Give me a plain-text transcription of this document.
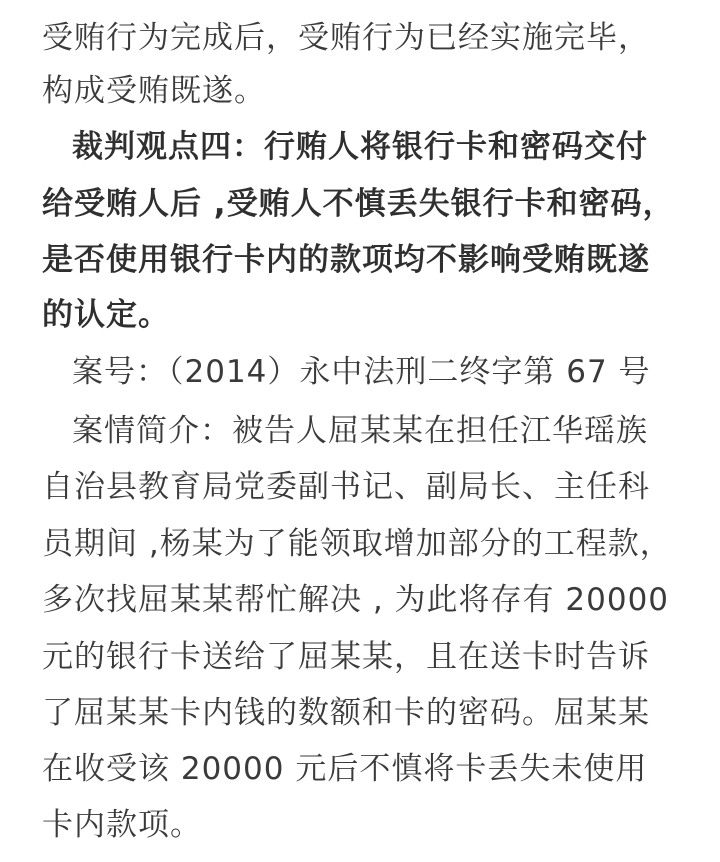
受贿行为完成后，受贿行为已经实施完毕，
构成受贿既遂。
裁判观点四：行贿人将银行卡和密码交付
给受贿人后 ,受贿人不慎丢失银行卡和密码，
是否使用银行卡内的款项均不影响受贿既遂
的认定。
案号：（2014）永中法刑二终字第 67 号
案情简介：被告人屈某某在担任江华瑶族
自治县教育局党委副书记、副局长、主任科
员期间 ,杨某为了能领取增加部分的工程款，
多次找屈某某帮忙解决 , 为此将存有 20000
元的银行卡送给了屈某某，且在送卡时告诉
了屈某某卡内钱的数额和卡的密码。屈某某
在收受该 20000 元后不慎将卡丢失未使用
卡内款项。
